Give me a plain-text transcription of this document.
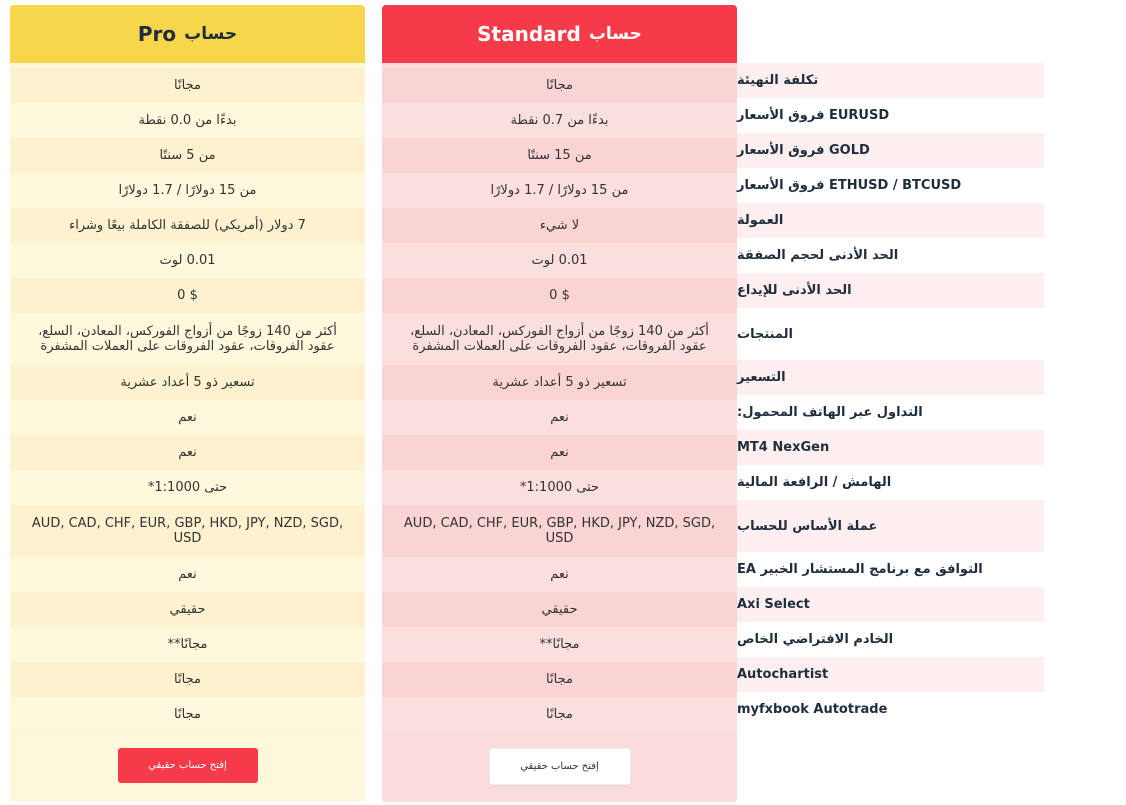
حساب
Pro
مجانًا
بدءًا من 0.0 نقطة
من 5 سنتًا
من 15 دولارًا / 1.7 دولارًا
7 دولار (أمريكي) للصفقة الكاملة بيعًا وشراء
0.01 لوت
$ 0
أكثر من 140 زوجًا من أزواج الفوركس، المعادن، السلع، عقود الفروقات، عقود الفروقات على العملات المشفرة
تسعير ذو 5 أعداد عشرية
نعم
نعم
حتى 1:1000*
AUD, CAD, CHF, EUR, GBP, HKD, JPY, NZD, SGD, USD
نعم
حقيقي
مجانًا**
مجانًا
مجانًا
إفتح حساب حقيقي
حساب
Standard
مجانًا
بدءًا من 0.7 نقطة
من 15 سنتًا
من 15 دولارًا / 1.7 دولارًا
لا شيء
0.01 لوت
$ 0
أكثر من 140 زوجًا من أزواج الفوركس، المعادن، السلع، عقود الفروقات، عقود الفروقات على العملات المشفرة
تسعير ذو 5 أعداد عشرية
نعم
نعم
حتى 1:1000*
AUD, CAD, CHF, EUR, GBP, HKD, JPY, NZD, SGD, USD
نعم
حقيقي
مجانًا**
مجانًا
مجانًا
إفتح حساب حقيقي
تكلفة التهيئة
EURUSD فروق الأسعار
GOLD فروق الأسعار
ETHUSD / BTCUSD فروق الأسعار
العمولة
الحد الأدنى لحجم الصفقة
الحد الأدنى للإيداع
المنتجات
التسعير
التداول عبر الهاتف المحمول:
MT4 NexGen
الهامش / الرافعة المالية
عملة الأساس للحساب
التوافق مع برنامج المستشار الخبير EA
Axi Select
الخادم الافتراضي الخاص
Autochartist
myfxbook Autotrade
